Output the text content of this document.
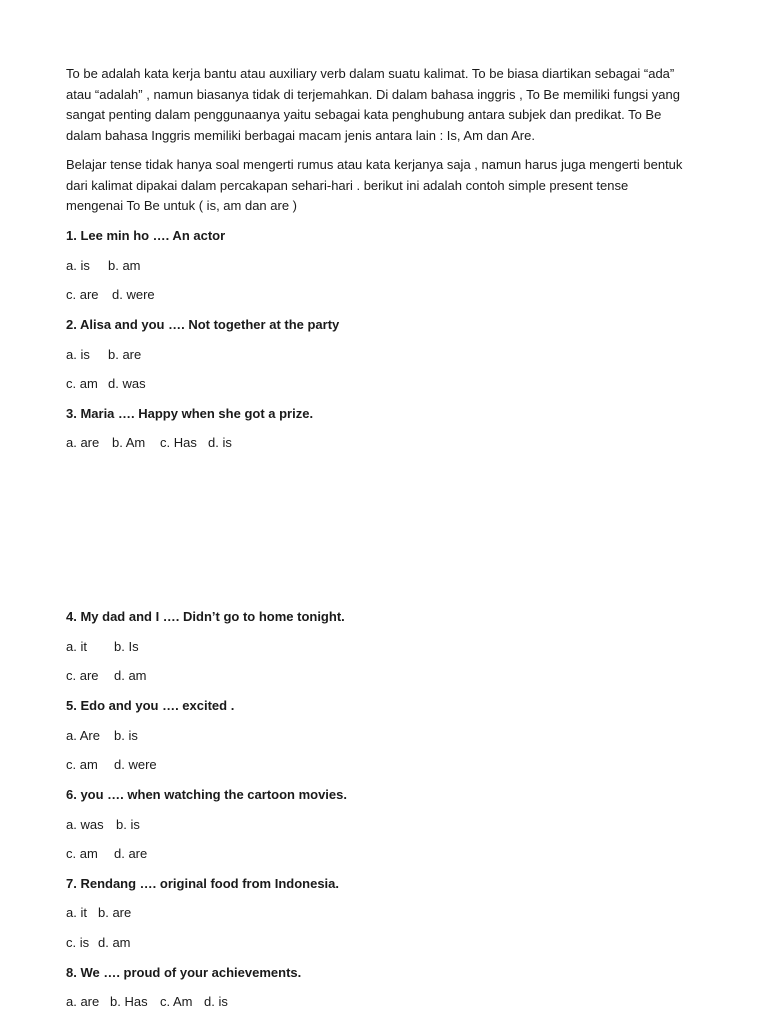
To be adalah kata kerja bantu atau auxiliary verb dalam suatu kalimat. To be biasa diartikan sebagai “ada”
atau “adalah” , namun biasanya tidak di terjemahkan. Di dalam bahasa inggris , To Be memiliki fungsi yang
sangat penting dalam penggunaanya yaitu sebagai kata penghubung antara subjek dan predikat. To Be
dalam bahasa Inggris memiliki berbagai macam jenis antara lain : Is, Am dan Are.

Belajar tense tidak hanya soal mengerti rumus atau kata kerjanya saja , namun harus juga mengerti bentuk
dari kalimat dipakai dalam percakapan sehari-hari . berikut ini adalah contoh simple present tense
mengenai To Be untuk ( is, am dan are )

1. Lee min ho …. An actor
a. is b. am
c. are d. were
2. Alisa and you …. Not together at the party
a. is b. are
c. am d. was
3. Maria …. Happy when she got a prize.
a. are b. Am c. Has d. is
4. My dad and I …. Didn’t go to home tonight.
a. it b. Is
c. are d. am
5. Edo and you …. excited .
a. Are b. is
c. am d. were
6. you …. when watching the cartoon movies.
a. was b. is
c. am d. are
7. Rendang …. original food from Indonesia.
a. it b. are
c. is d. am
8. We …. proud of your achievements.
a. are b. Has c. Am d. is
